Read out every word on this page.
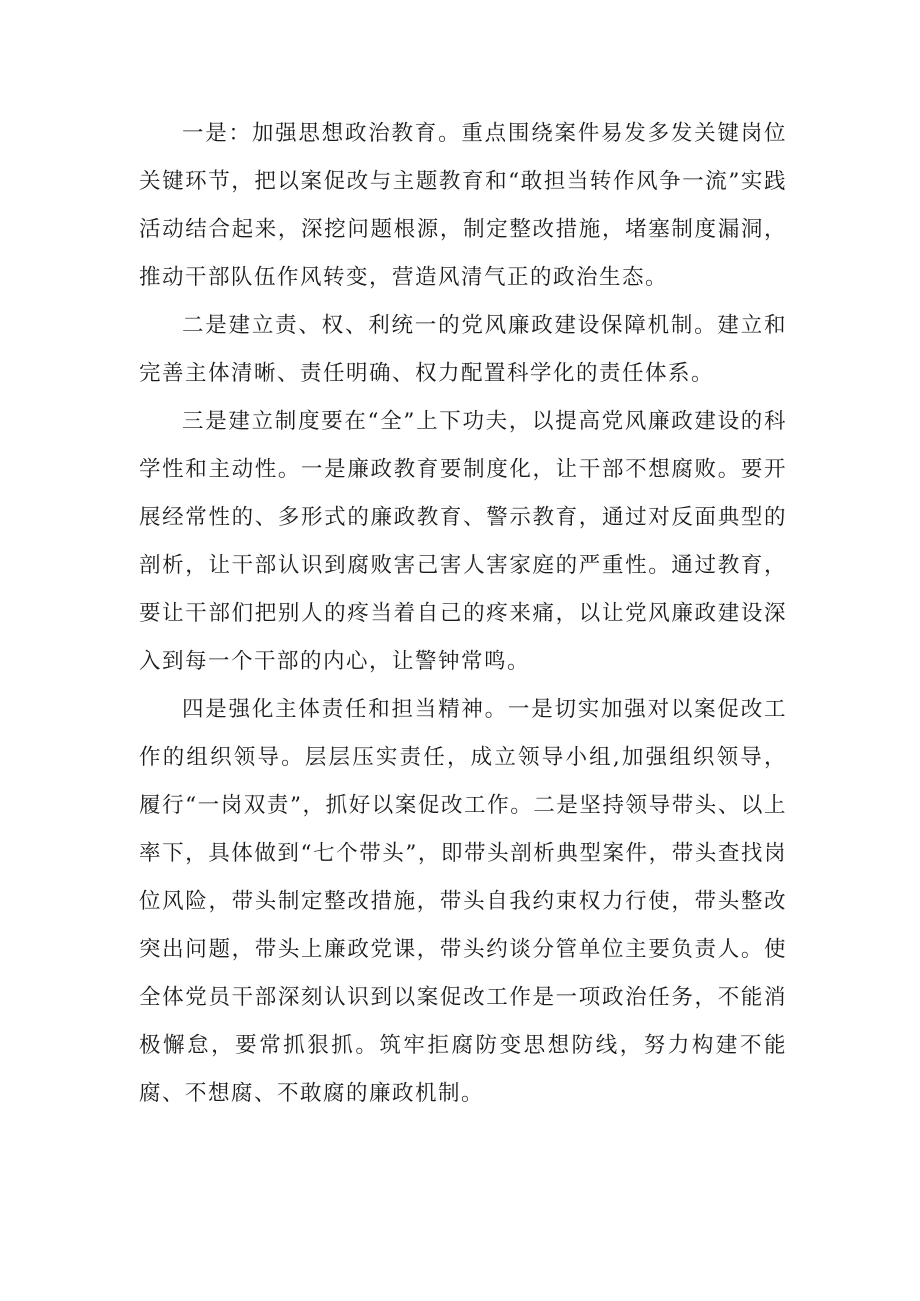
一是：加强思想政治教育。重点围绕案件易发多发关键岗位关键环节，把以案促改与主题教育和“敢担当转作风争一流”实践活动结合起来，深挖问题根源，制定整改措施，堵塞制度漏洞，推动干部队伍作风转变，营造风清气正的政治生态。

二是建立责、权、利统一的党风廉政建设保障机制。建立和完善主体清晰、责任明确、权力配置科学化的责任体系。

三是建立制度要在“全”上下功夫，以提高党风廉政建设的科学性和主动性。一是廉政教育要制度化，让干部不想腐败。要开展经常性的、多形式的廉政教育、警示教育，通过对反面典型的剖析，让干部认识到腐败害己害人害家庭的严重性。通过教育，要让干部们把别人的疼当着自己的疼来痛，以让党风廉政建设深入到每一个干部的内心，让警钟常鸣。

四是强化主体责任和担当精神。一是切实加强对以案促改工作的组织领导。层层压实责任，成立领导小组,加强组织领导，履行“一岗双责”，抓好以案促改工作。二是坚持领导带头、以上率下，具体做到“七个带头”，即带头剖析典型案件，带头查找岗位风险，带头制定整改措施，带头自我约束权力行使，带头整改突出问题，带头上廉政党课，带头约谈分管单位主要负责人。使全体党员干部深刻认识到以案促改工作是一项政治任务，不能消极懈怠，要常抓狠抓。筑牢拒腐防变思想防线，努力构建不能腐、不想腐、不敢腐的廉政机制。
